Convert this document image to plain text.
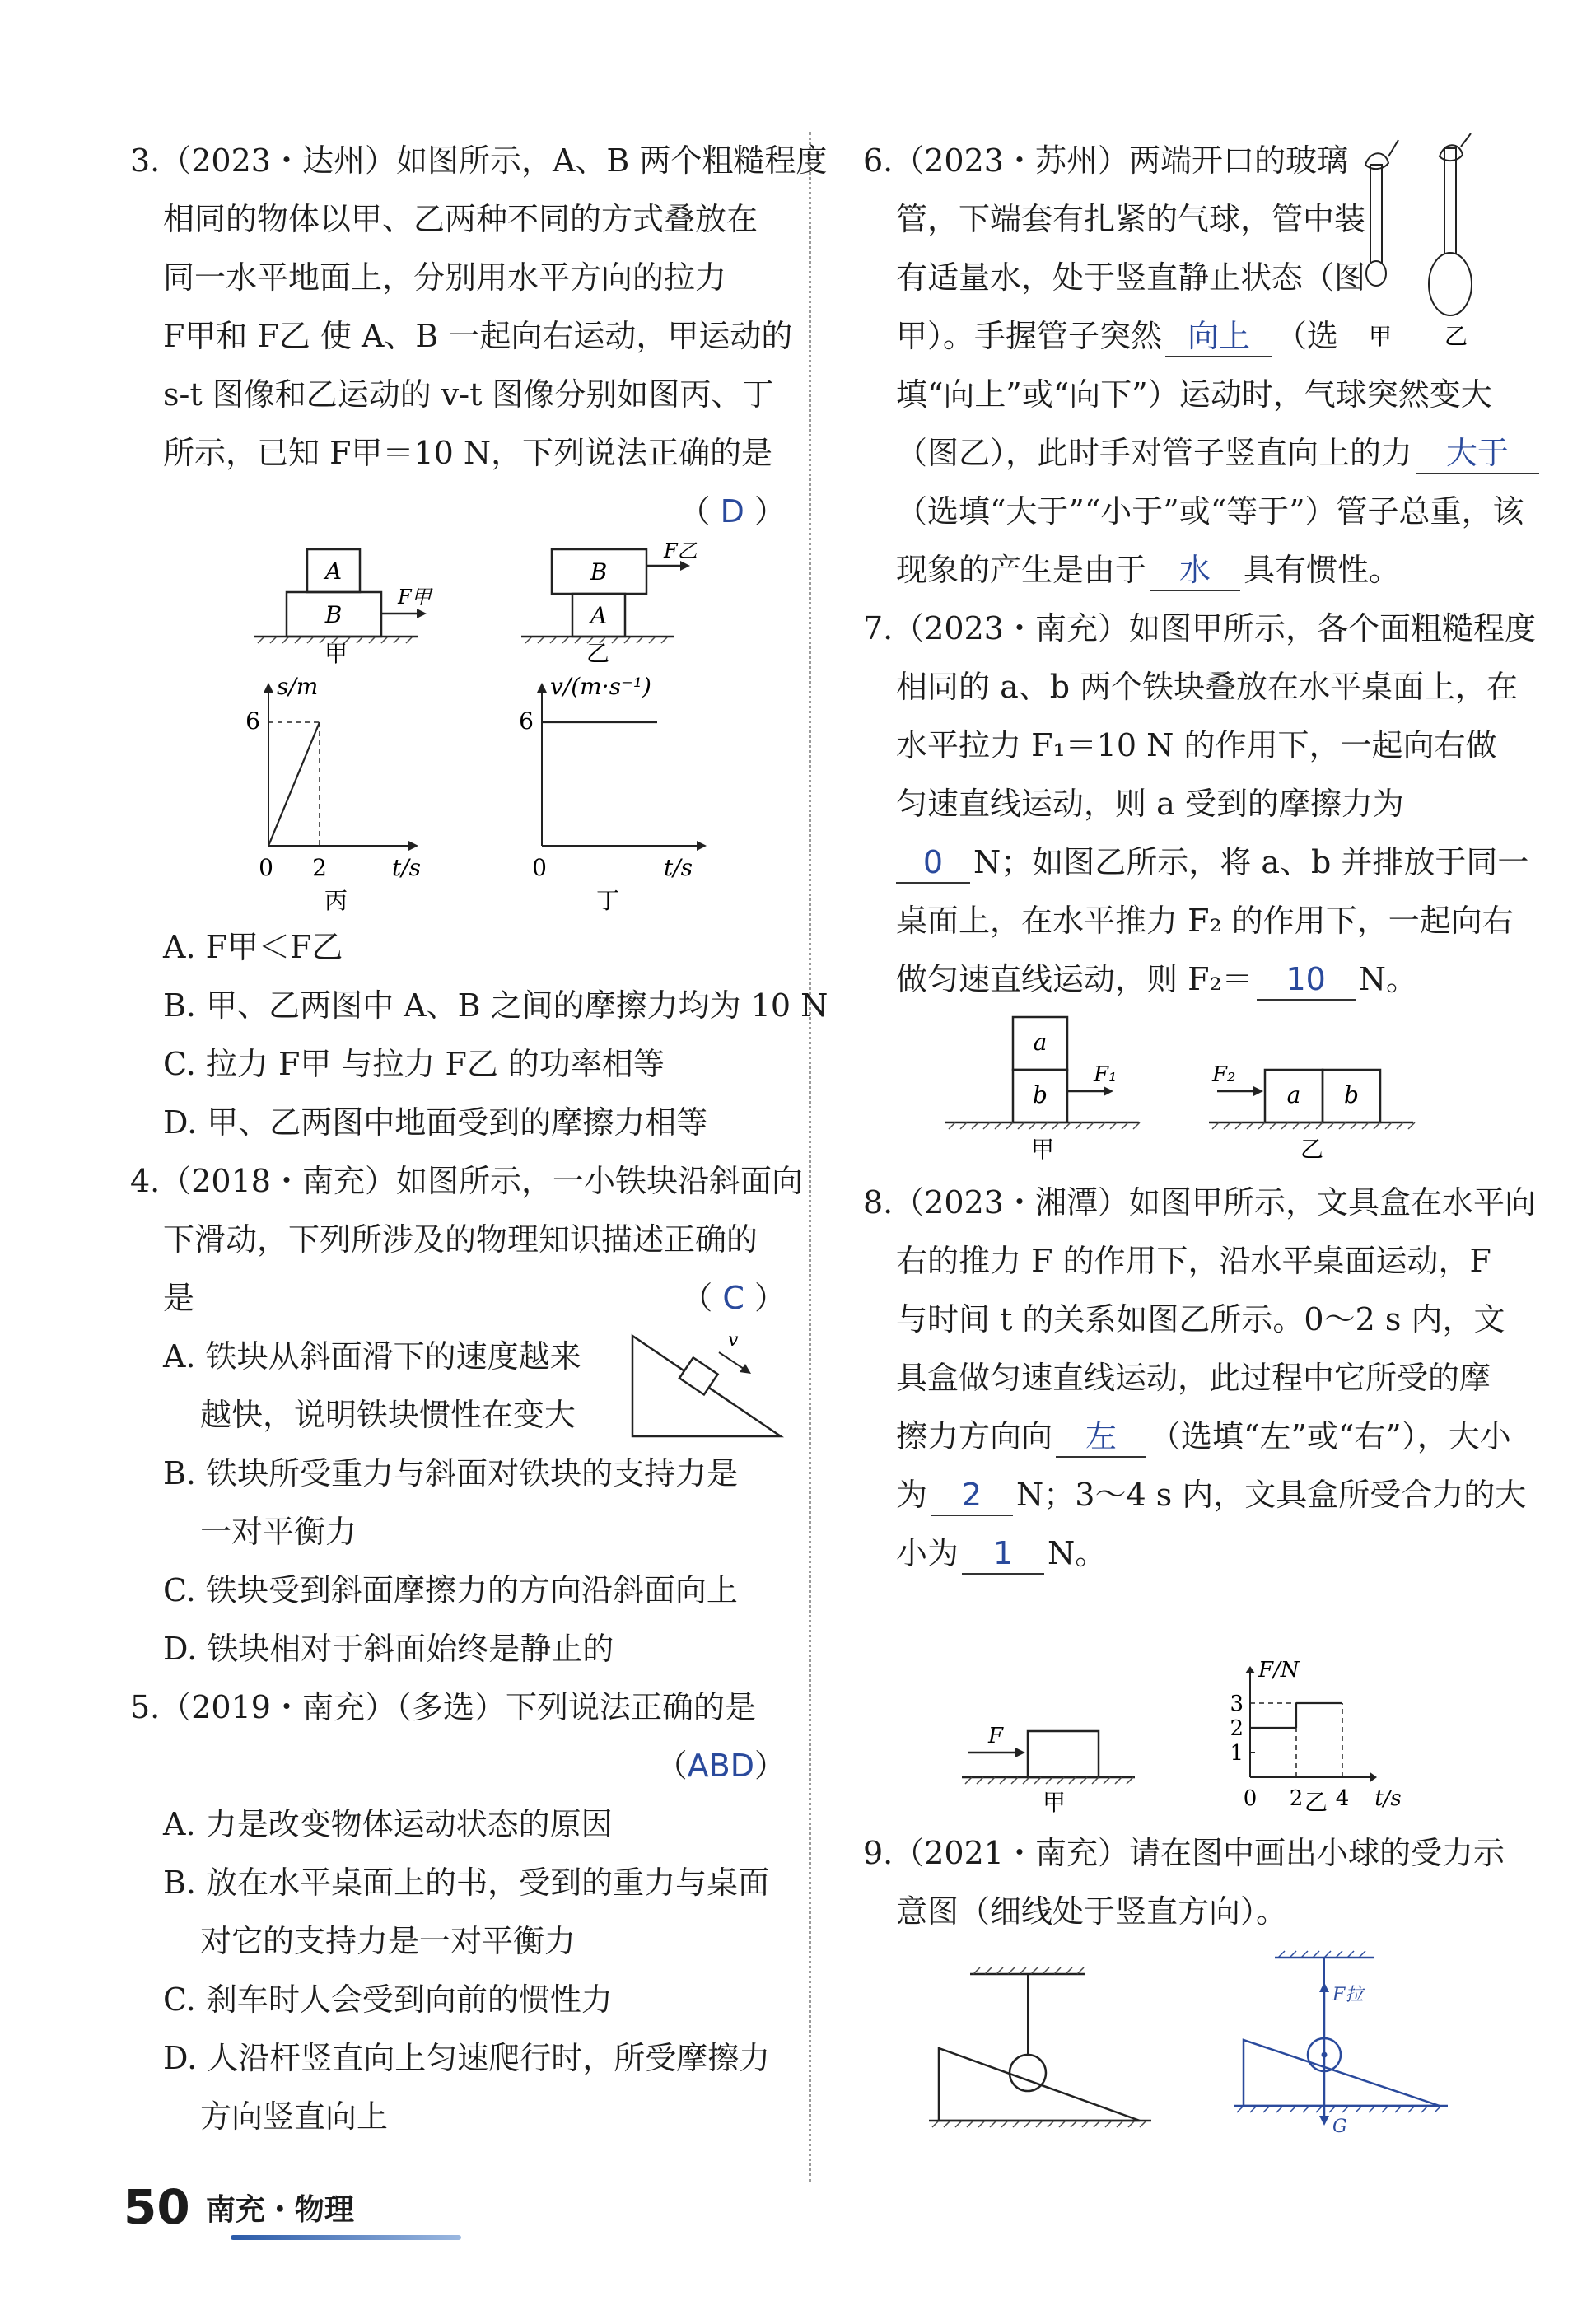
3.（2023・达州）如图所示，A、B 两个粗糙程度
相同的物体以甲、乙两种不同的方式叠放在
同一水平地面上，分别用水平方向的拉力
F甲和 F乙 使 A、B 一起向右运动，甲运动的
s-t 图像和乙运动的 v-t 图像分别如图丙、丁
所示，已知 F甲＝10 N，下列说法正确的是
（ D ）
A
B
F甲
甲
B
A
F乙
乙
s/m
6
0 2	t/s
v/(m·s⁻¹)
6
0	t/s
丙	丁
A. F甲＜F乙
B. 甲、乙两图中 A、B 之间的摩擦力均为 10 N
C. 拉力 F甲 与拉力 F乙 的功率相等
D. 甲、乙两图中地面受到的摩擦力相等
4.（2018・南充）如图所示，一小铁块沿斜面向
下滑动，下列所涉及的物理知识描述正确的
是	（ C ）
A. 铁块从斜面滑下的速度越来
越快，说明铁块惯性在变大
v
B. 铁块所受重力与斜面对铁块的支持力是
一对平衡力
C. 铁块受到斜面摩擦力的方向沿斜面向上
D. 铁块相对于斜面始终是静止的
5.（2019・南充）（多选）下列说法正确的是
（ABD）
A. 力是改变物体运动状态的原因
B. 放在水平桌面上的书，受到的重力与桌面
对它的支持力是一对平衡力
C. 刹车时人会受到向前的惯性力
D. 人沿杆竖直向上匀速爬行时，所受摩擦力
方向竖直向上
甲 乙
6.（2023・苏州）两端开口的玻璃
管，下端套有扎紧的气球，管中装
有适量水，处于竖直静止状态（图
甲）。手握管子突然 向上 （选
填“向上”或“向下”）运动时，气球突然变大
（图乙），此时手对管子竖直向上的力 大于
（选填“大于”“小于”或“等于”）管子总重，该
现象的产生是由于 水 具有惯性。
7.（2023・南充）如图甲所示，各个面粗糙程度
相同的 a、b 两个铁块叠放在水平桌面上，在
水平拉力 F₁＝10 N 的作用下，一起向右做
匀速直线运动，则 a 受到的摩擦力为
0 N；如图乙所示，将 a、b 并排放于同一
桌面上，在水平推力 F₂ 的作用下，一起向右
做匀速直线运动，则 F₂＝ 10 N。
a
b
F₁
甲
a b
F₂
乙
8.（2023・湘潭）如图甲所示，文具盒在水平向
右的推力 F 的作用下，沿水平桌面运动，F
与时间 t 的关系如图乙所示。0～2 s 内，文
具盒做匀速直线运动，此过程中它所受的摩
擦力方向向 左 （选填“左”或“右”），大小
为 2 N；3～4 s 内，文具盒所受合力的大
小为 1 N。
F
甲
F/N
t/s
1
2
3
0 2 4
乙
9.（2021・南充）请在图中画出小球的受力示
意图（细线处于竖直方向）。
F拉
G
50 南充・物理
